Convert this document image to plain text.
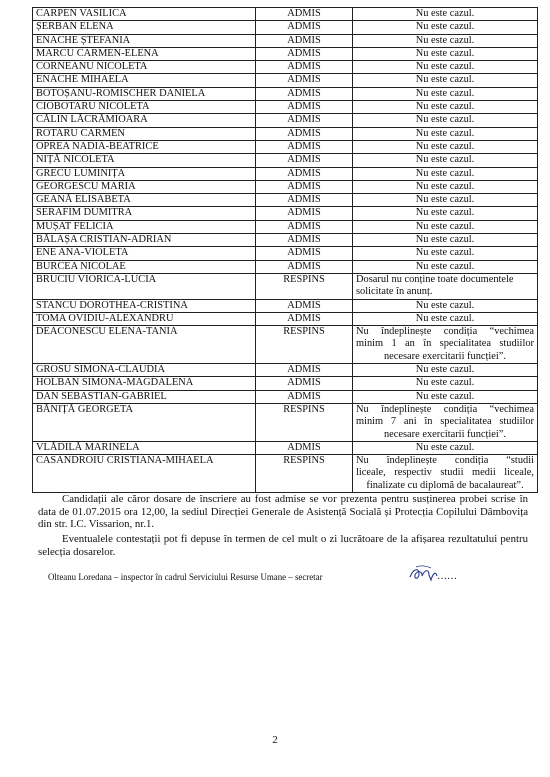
CARPEN VASILICA	ADMIS	Nu este cazul.

ȘERBAN ELENA	ADMIS	Nu este cazul.

ENACHE ȘTEFANIA	ADMIS	Nu este cazul.

MARCU CARMEN-ELENA	ADMIS	Nu este cazul.

CORNEANU NICOLETA	ADMIS	Nu este cazul.

ENACHE MIHAELA	ADMIS	Nu este cazul.

BOTOȘANU-ROMISCHER DANIELA	ADMIS	Nu este cazul.

CIOBOTARU NICOLETA	ADMIS	Nu este cazul.

CĂLIN LĂCRĂMIOARA	ADMIS	Nu este cazul.

ROTARU CARMEN	ADMIS	Nu este cazul.

OPREA NADIA-BEATRICE	ADMIS	Nu este cazul.

NIȚĂ NICOLETA	ADMIS	Nu este cazul.

GRECU LUMINIȚA	ADMIS	Nu este cazul.

GEORGESCU MARIA	ADMIS	Nu este cazul.

GEANĂ ELISABETA	ADMIS	Nu este cazul.

SERAFIM DUMITRA	ADMIS	Nu este cazul.

MUȘAT FELICIA	ADMIS	Nu este cazul.

BĂLAȘA CRISTIAN-ADRIAN	ADMIS	Nu este cazul.

ENE ANA-VIOLETA	ADMIS	Nu este cazul.

BURCEA NICOLAE	ADMIS	Nu este cazul.

BRUCIU VIORICA-LUCIA	RESPINS	Dosarul nu conține toate documentele
solicitate în anunț.

STANCU DOROTHEA-CRISTINA	ADMIS	Nu este cazul.

TOMA OVIDIU-ALEXANDRU	ADMIS	Nu este cazul.

DEACONESCU ELENA-TANIA	RESPINS	Nu îndeplinește condiția “vechimea
minim 1 an în specialitatea studiilor
necesare exercitarii funcției”.

GROSU SIMONA-CLAUDIA	ADMIS	Nu este cazul.

HOLBAN SIMONA-MAGDALENA	ADMIS	Nu este cazul.

DAN SEBASTIAN-GABRIEL	ADMIS	Nu este cazul.

BĂNIȚĂ GEORGETA	RESPINS	Nu îndeplinește condiția “vechimea
minim 7 ani în specialitatea studiilor
necesare exercitarii funcției”.

VLĂDILĂ MARINELA	ADMIS	Nu este cazul.

CASANDROIU CRISTIANA-MIHAELA	RESPINS	Nu îndeplinește condiția “studii
liceale, respectiv studii medii liceale,
finalizate cu diplomă de bacalaureat”.
Candidații ale căror dosare de înscriere au fost admise se vor prezenta pentru susținerea probei scrise în data de 01.07.2015 ora 12,00, la sediul Direcției Generale de Asistență Socială și Protecția Copilului Dâmbovița din str. I.C. Vissarion, nr.1.
Eventualele contestații pot fi depuse în termen de cel mult o zi lucrătoare de la afișarea rezultatului pentru selecția dosarelor.
Olteanu Loredana – inspector în cadrul Serviciului Resurse Umane – secretar	……
2
